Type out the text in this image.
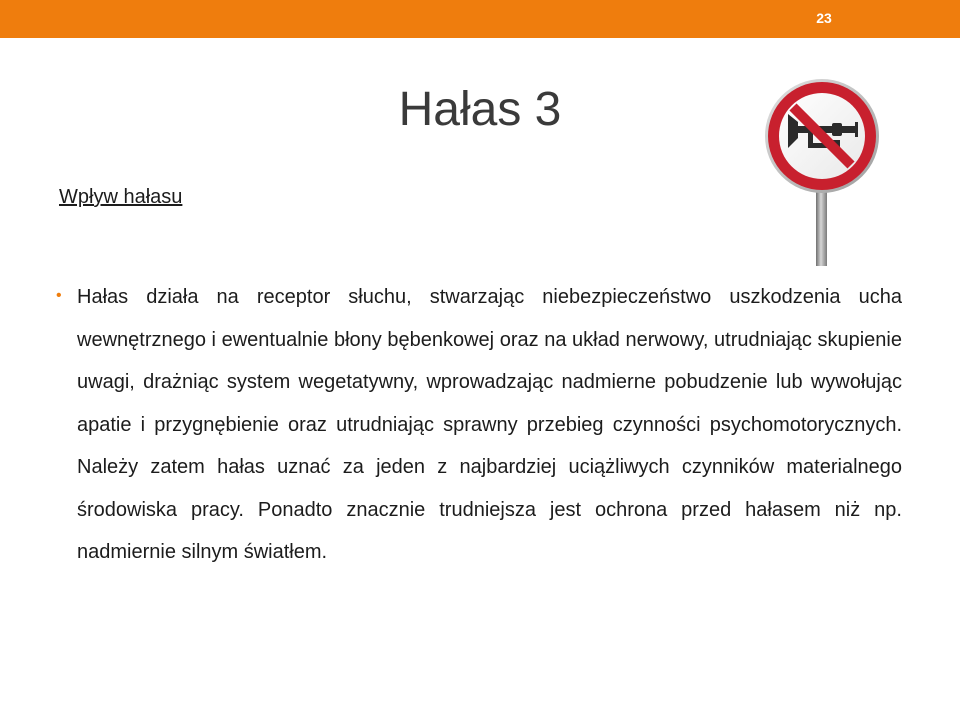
23
Hałas 3
Wpływ hałasu
• Hałas działa na receptor słuchu, stwarzając niebezpieczeństwo uszkodzenia ucha wewnętrznego i ewentualnie błony bębenkowej oraz na układ nerwowy, utrudniając skupienie uwagi, drażniąc system wegetatywny, wprowadzając nadmierne pobudzenie lub wywołując apatie i przygnębienie oraz utrudniając sprawny przebieg czynności psychomotorycznych. Należy zatem hałas uznać za jeden z najbardziej uciążliwych czynników materialnego środowiska pracy. Ponadto znacznie trudniejsza jest ochrona przed hałasem niż np. nadmiernie silnym światłem.
